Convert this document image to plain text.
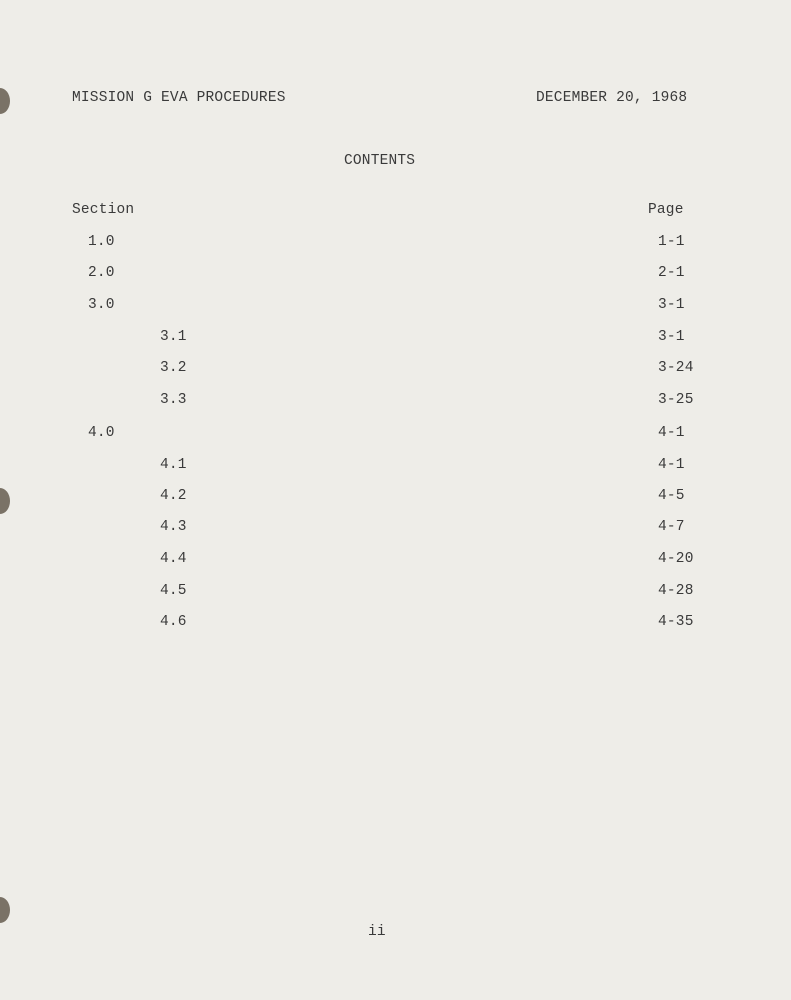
MISSION G EVA PROCEDURES	DECEMBER 20, 1968
CONTENTS
Section	Page
1.0	1-1
2.0	2-1
3.0	3-1
3.1	3-1
3.2	3-24
3.3	3-25
4.0	4-1
4.1	4-1
4.2	4-5
4.3	4-7
4.4	4-20
4.5	4-28
4.6	4-35
ii
